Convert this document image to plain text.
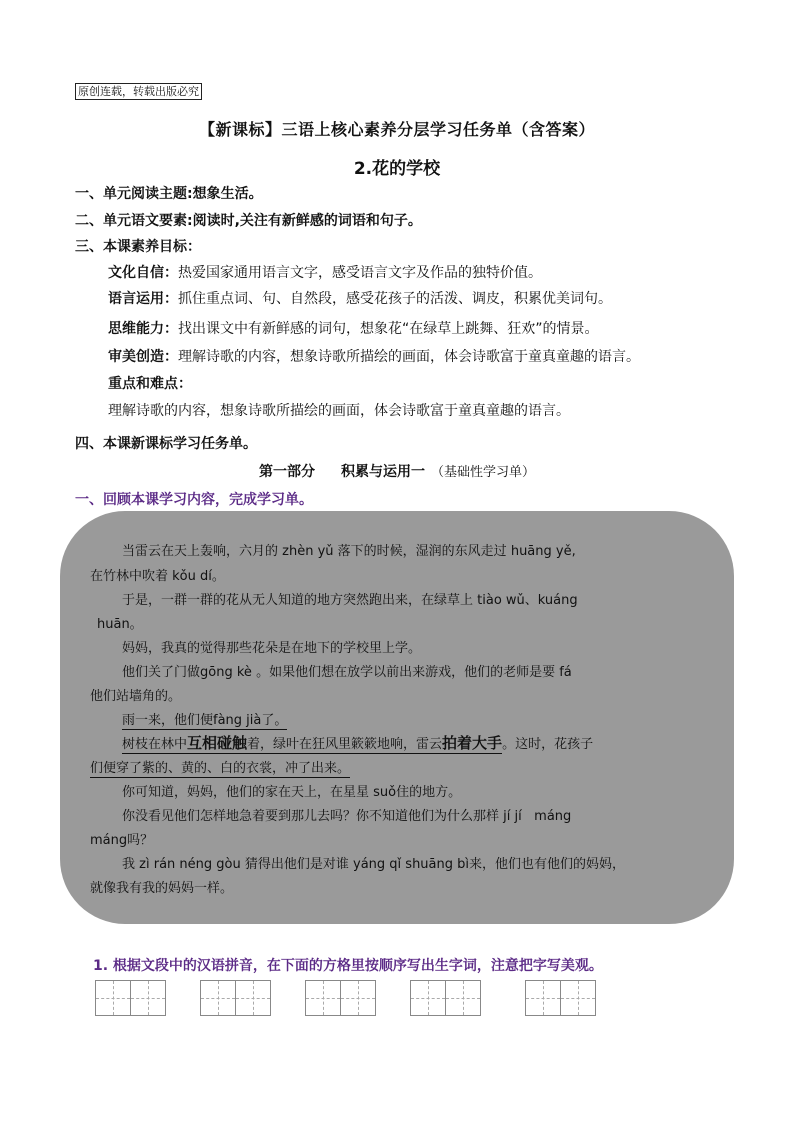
原创连载，转载出版必究
【新课标】三语上核心素养分层学习任务单（含答案）
2.花的学校
一、单元阅读主题:想象生活。
二、单元语文要素:阅读时,关注有新鲜感的词语和句子。
三、本课素养目标：
文化自信：热爱国家通用语言文字，感受语言文字及作品的独特价值。
语言运用：抓住重点词、句、自然段，感受花孩子的活泼、调皮，积累优美词句。
思维能力：找出课文中有新鲜感的词句，想象花“在绿草上跳舞、狂欢”的情景。
审美创造：理解诗歌的内容，想象诗歌所描绘的画面，体会诗歌富于童真童趣的语言。
重点和难点：
理解诗歌的内容，想象诗歌所描绘的画面，体会诗歌富于童真童趣的语言。
四、本课新课标学习任务单。
第一部分 积累与运用一 （基础性学习单）
一、回顾本课学习内容，完成学习单。
当雷云在天上轰响，六月的 zhèn yǔ 落下的时候，湿润的东风走过 huāng yě,
在竹林中吹着 kǒu dí。
于是，一群一群的花从无人知道的地方突然跑出来，在绿草上 tiào wǔ、kuáng
huān。
妈妈，我真的觉得那些花朵是在地下的学校里上学。
他们关了门做gōng kè 。如果他们想在放学以前出来游戏，他们的老师是要 fá
他们站墙角的。
雨一来，他们便fàng jià了。
树枝在林中互相碰触着，绿叶在狂风里簌簌地响，雷云拍着大手。这时，花孩子
们便穿了紫的、黄的、白的衣裳，冲了出来。
你可知道，妈妈，他们的家在天上，在星星 suǒ住的地方。
你没看见他们怎样地急着要到那儿去吗？你不知道他们为什么那样 jí jí máng
máng吗？
我 zì rán néng gòu 猜得出他们是对谁 yáng qǐ shuāng bì来，他们也有他们的妈妈，
就像我有我的妈妈一样。
1. 根据文段中的汉语拼音，在下面的方格里按顺序写出生字词，注意把字写美观。
